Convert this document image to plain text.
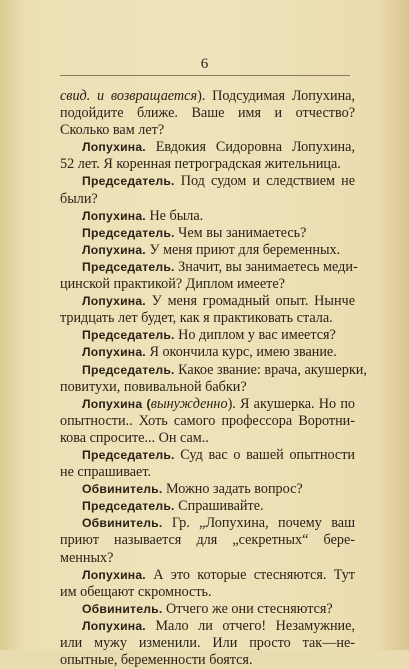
6
свид. и возвращается). Подсудимая Лопухина,
подойдите ближе. Ваше имя и отчество?
Сколько вам лет?
Лопухина. Евдокия Сидоровна Лопухина,
52 лет. Я коренная петроградская жительница.
Председатель. Под судом и следствием не
были?
Лопухина. Не была.
Председатель. Чем вы занимаетесь?
Лопухина. У меня приют для беременных.
Председатель. Значит, вы занимаетесь меди-
цинской практикой? Диплом имеете?
Лопухина. У меня громадный опыт. Нынче
тридцать лет будет, как я практиковать стала.
Председатель. Но диплом у вас имеется?
Лопухина. Я окончила курс, имею звание.
Председатель. Какое звание: врача, акушерки,
повитухи, повивальной бабки?
Лопухина (вынужденно). Я акушерка. Но по
опытности.. Хоть самого профессора Воротни-
кова спросите... Он сам..
Председатель. Суд вас о вашей опытности
не спрашивает.
Обвинитель. Можно задать вопрос?
Председатель. Спрашивайте.
Обвинитель. Гр. „Лопухина, почему ваш
приют называется для „секретных“ бере-
менных?
Лопухина. А это которые стесняются. Тут
им обещают скромность.
Обвинитель. Отчего же они стесняются?
Лопухина. Мало ли отчего! Незамужние,
или мужу изменили. Или просто так—не-
опытные, беременности боятся.
